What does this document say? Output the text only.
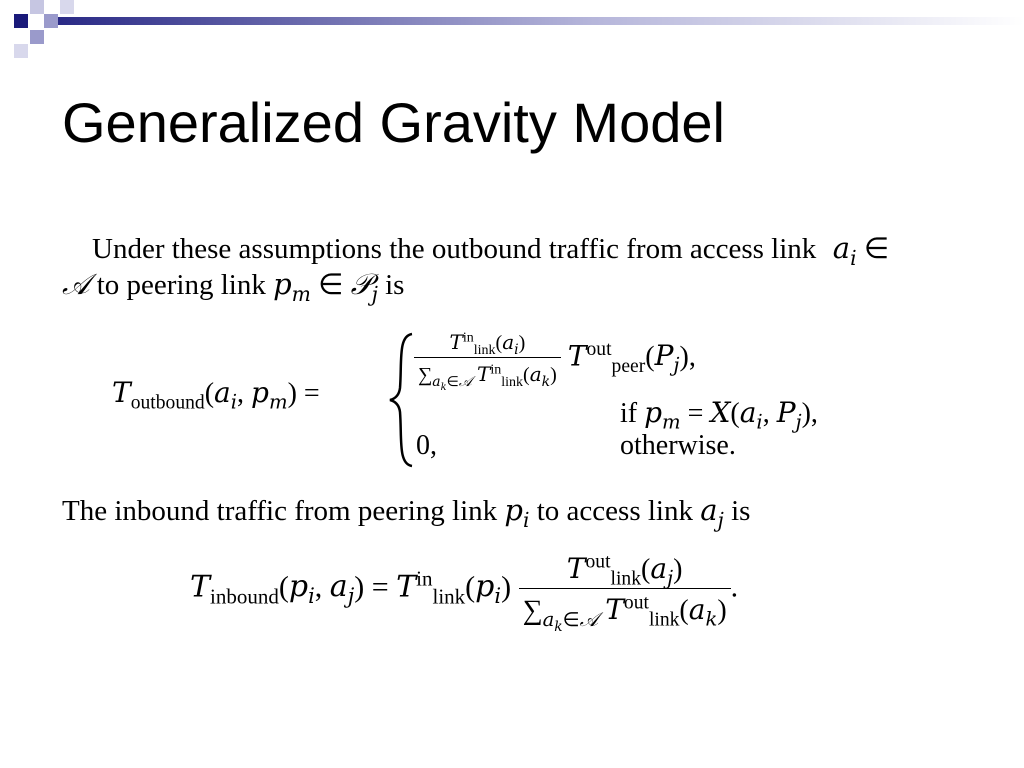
Generalized Gravity Model
Under these assumptions the outbound traffic from access link  $a_i$ ∈
𝒜 to peering link $p_m$ ∈ 𝒫$_j$ is
$T_{outbound}(a_i$, $p_m$) =
$\frac{T^{in}_{link}(a_i)}{\sum_{a_k\in 𝒜} T^{in}_{link}(a_k)} T^{out}_{peer}(P_j)$,
if $p_m = X(a_i$, $P_j$),
0,	otherwise.
The inbound traffic from peering link $p_i$ to access link $a_j$ is
$T_{inbound}(p_i$, $a_j) = T^{in}_{link}(p_i) \frac{T^{out}_{link}(a_j)}{\sum_{a_k\in 𝒜} T^{out}_{link}(a_k)}$ .
